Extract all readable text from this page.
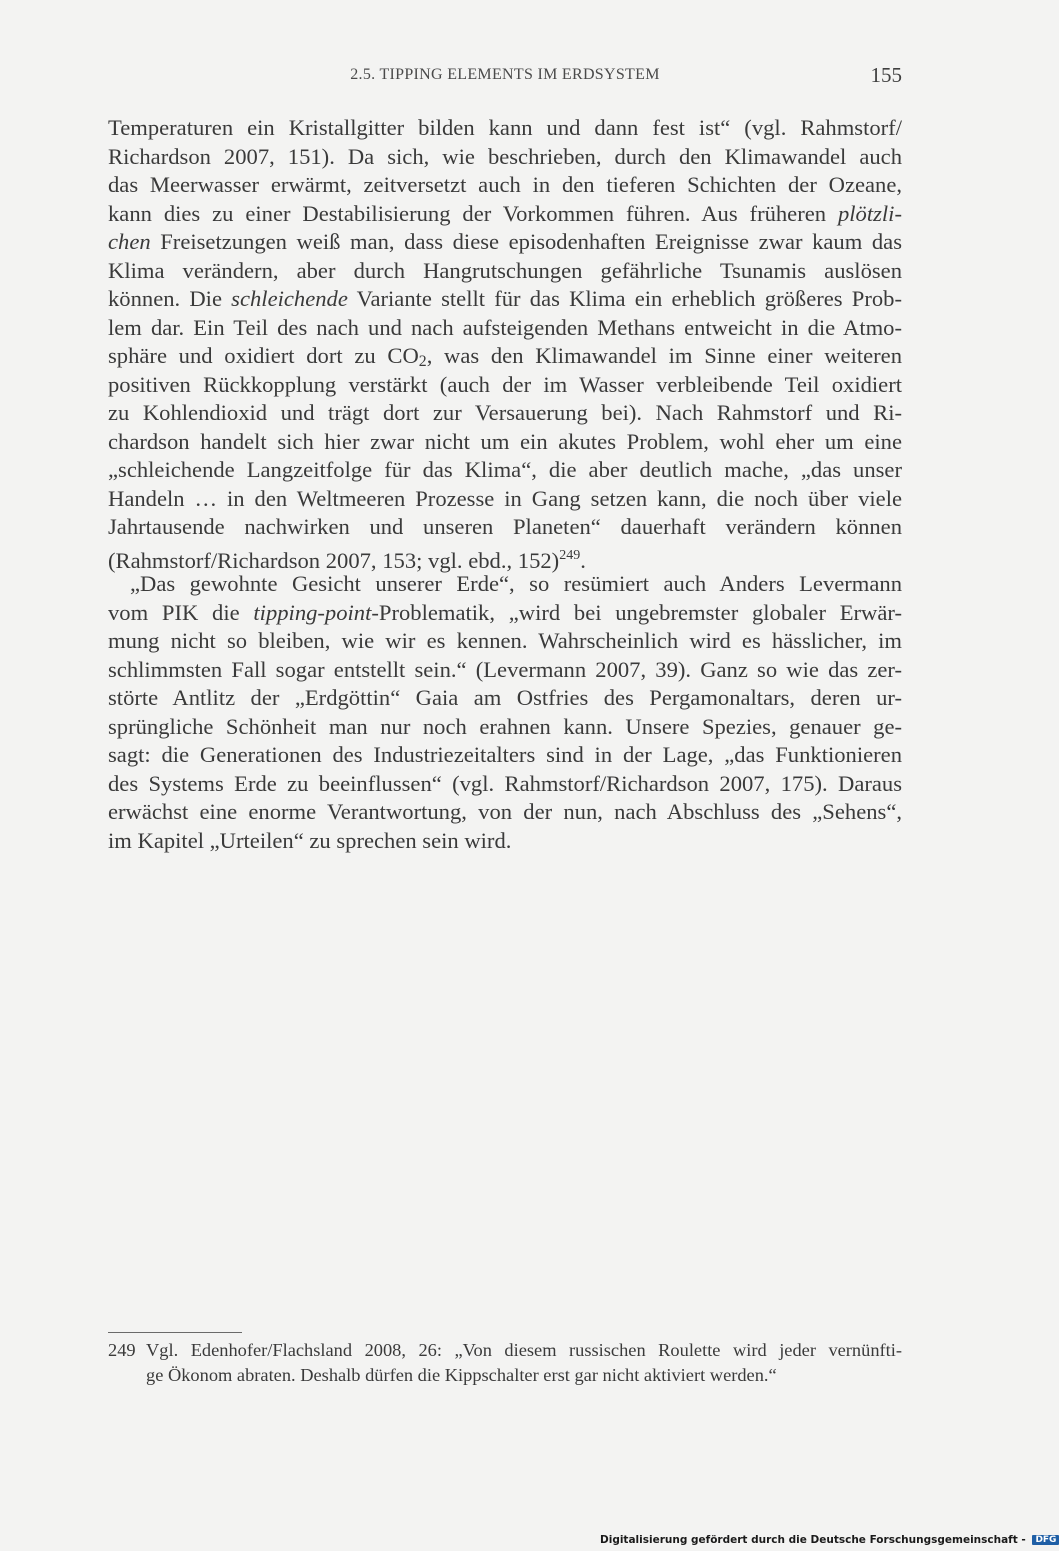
2.5. TIPPING ELEMENTS IM ERDSYSTEM	155
Temperaturen ein Kristallgitter bilden kann und dann fest ist“ (vgl. Rahmstorf/
Richardson 2007, 151). Da sich, wie beschrieben, durch den Klimawandel auch
das Meerwasser erwärmt, zeitversetzt auch in den tieferen Schichten der Ozeane,
kann dies zu einer Destabilisierung der Vorkommen führen. Aus früheren plötzli-
chen Freisetzungen weiß man, dass diese episodenhaften Ereignisse zwar kaum das
Klima verändern, aber durch Hangrutschungen gefährliche Tsunamis auslösen
können. Die schleichende Variante stellt für das Klima ein erheblich größeres Prob-
lem dar. Ein Teil des nach und nach aufsteigenden Methans entweicht in die Atmo-
sphäre und oxidiert dort zu CO2, was den Klimawandel im Sinne einer weiteren
positiven Rückkopplung verstärkt (auch der im Wasser verbleibende Teil oxidiert
zu Kohlendioxid und trägt dort zur Versauerung bei). Nach Rahmstorf und Ri-
chardson handelt sich hier zwar nicht um ein akutes Problem, wohl eher um eine
„schleichende Langzeitfolge für das Klima“, die aber deutlich mache, „das unser
Handeln … in den Weltmeeren Prozesse in Gang setzen kann, die noch über viele
Jahrtausende nachwirken und unseren Planeten“ dauerhaft verändern können
(Rahmstorf/Richardson 2007, 153; vgl. ebd., 152)$^{249}$.
„Das gewohnte Gesicht unserer Erde“, so resümiert auch Anders Levermann
vom PIK die tipping-point-Problematik, „wird bei ungebremster globaler Erwär-
mung nicht so bleiben, wie wir es kennen. Wahrscheinlich wird es hässlicher, im
schlimmsten Fall sogar entstellt sein.“ (Levermann 2007, 39). Ganz so wie das zer-
störte Antlitz der „Erdgöttin“ Gaia am Ostfries des Pergamonaltars, deren ur-
sprüngliche Schönheit man nur noch erahnen kann. Unsere Spezies, genauer ge-
sagt: die Generationen des Industriezeitalters sind in der Lage, „das Funktionieren
des Systems Erde zu beeinflussen“ (vgl. Rahmstorf/Richardson 2007, 175). Daraus
erwächst eine enorme Verantwortung, von der nun, nach Abschluss des „Sehens“,
im Kapitel „Urteilen“ zu sprechen sein wird.
249 Vgl. Edenhofer/Flachsland 2008, 26: „Von diesem russischen Roulette wird jeder vernünfti-
ge Ökonom abraten. Deshalb dürfen die Kippschalter erst gar nicht aktiviert werden.“
Digitalisierung gefördert durch die Deutsche Forschungsgemeinschaft - DFG
